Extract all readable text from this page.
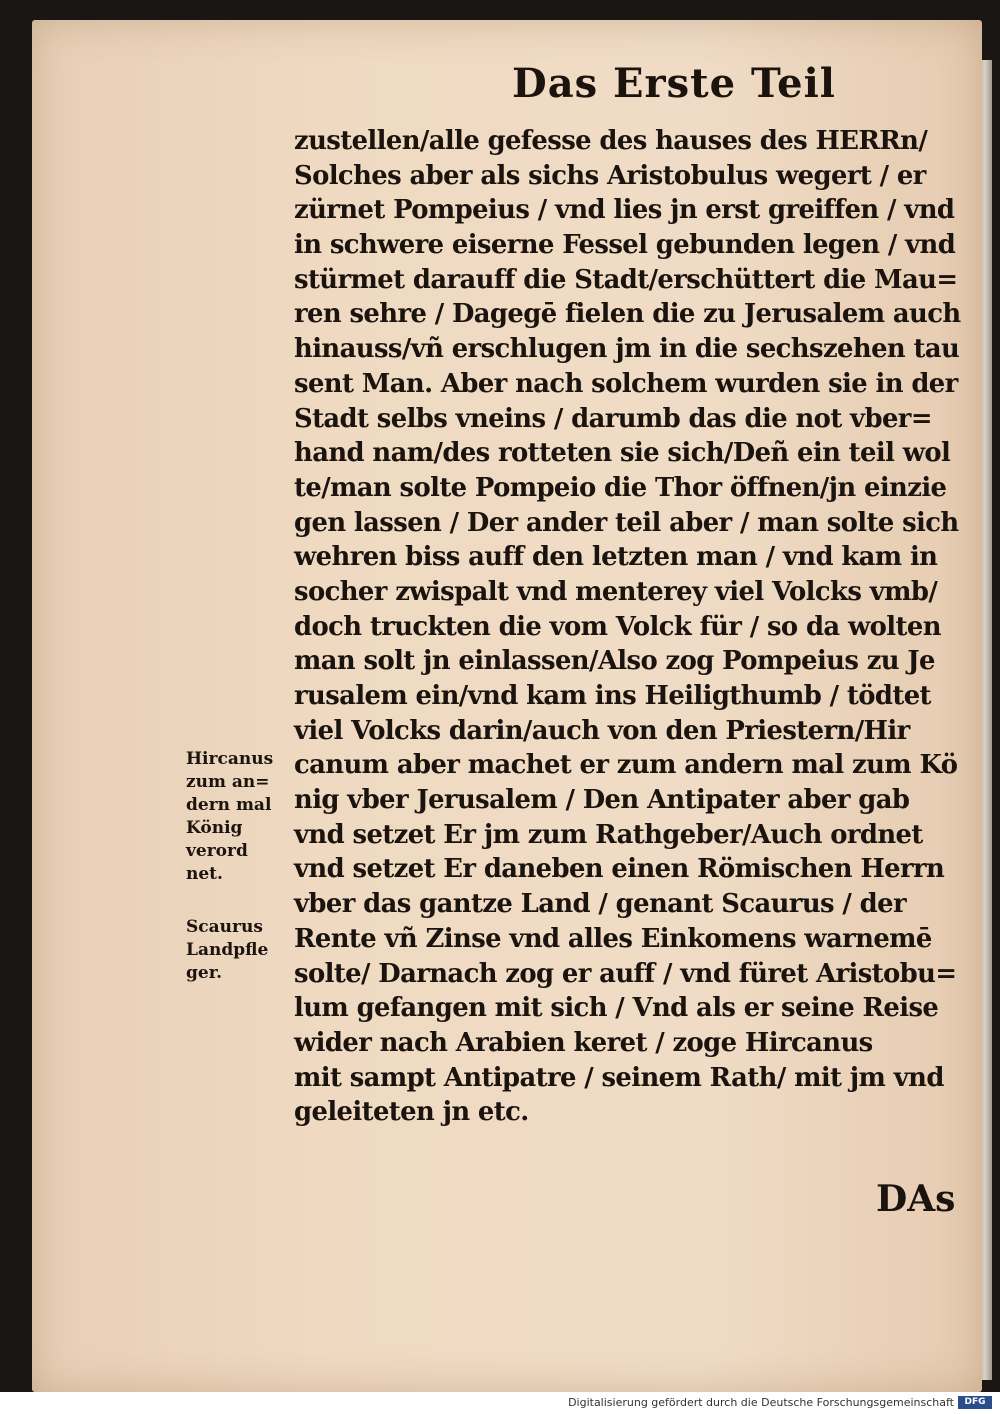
Das Erste Teil
zustellen/alle gefesse des hauses des HERRn/
Solches aber als sichs Aristobulus wegert / er
zürnet Pompeius / vnd lies jn erst greiffen / vnd
in schwere eiserne Fessel gebunden legen / vnd
stürmet darauff die Stadt/erschüttert die Mau=
ren sehre / Dagegē fielen die zu Jerusalem auch
hinauss/vñ erschlugen jm in die sechszehen tau
sent Man. Aber nach solchem wurden sie in der
Stadt selbs vneins / darumb das die not vber=
hand nam/des rotteten sie sich/Deñ ein teil wol
te/man solte Pompeio die Thor öffnen/jn einzie
gen lassen / Der ander teil aber / man solte sich
wehren biss auff den letzten man / vnd kam in
socher zwispalt vnd menterey viel Volcks vmb/
doch truckten die vom Volck für / so da wolten
man solt jn einlassen/Also zog Pompeius zu Je
rusalem ein/vnd kam ins Heiligthumb / tödtet
viel Volcks darin/auch von den Priestern/Hir
canum aber machet er zum andern mal zum Kö
nig vber Jerusalem / Den Antipater aber gab
vnd setzet Er jm zum Rathgeber/Auch ordnet
vnd setzet Er daneben einen Römischen Herrn
vber das gantze Land / genant Scaurus / der
Rente vñ Zinse vnd alles Einkomens warnemē
solte/ Darnach zog er auff / vnd füret Aristobu=
lum gefangen mit sich / Vnd als er seine Reise
wider nach Arabien keret / zoge Hircanus
mit sampt Antipatre / seinem Rath/ mit jm vnd
geleiteten jn etc.
Hircanus
zum an=
dern mal
König
verord
net.
Scaurus
Landpfle
ger.
DAs
Digitalisierung gefördert durch die Deutsche Forschungsgemeinschaft	DFG
